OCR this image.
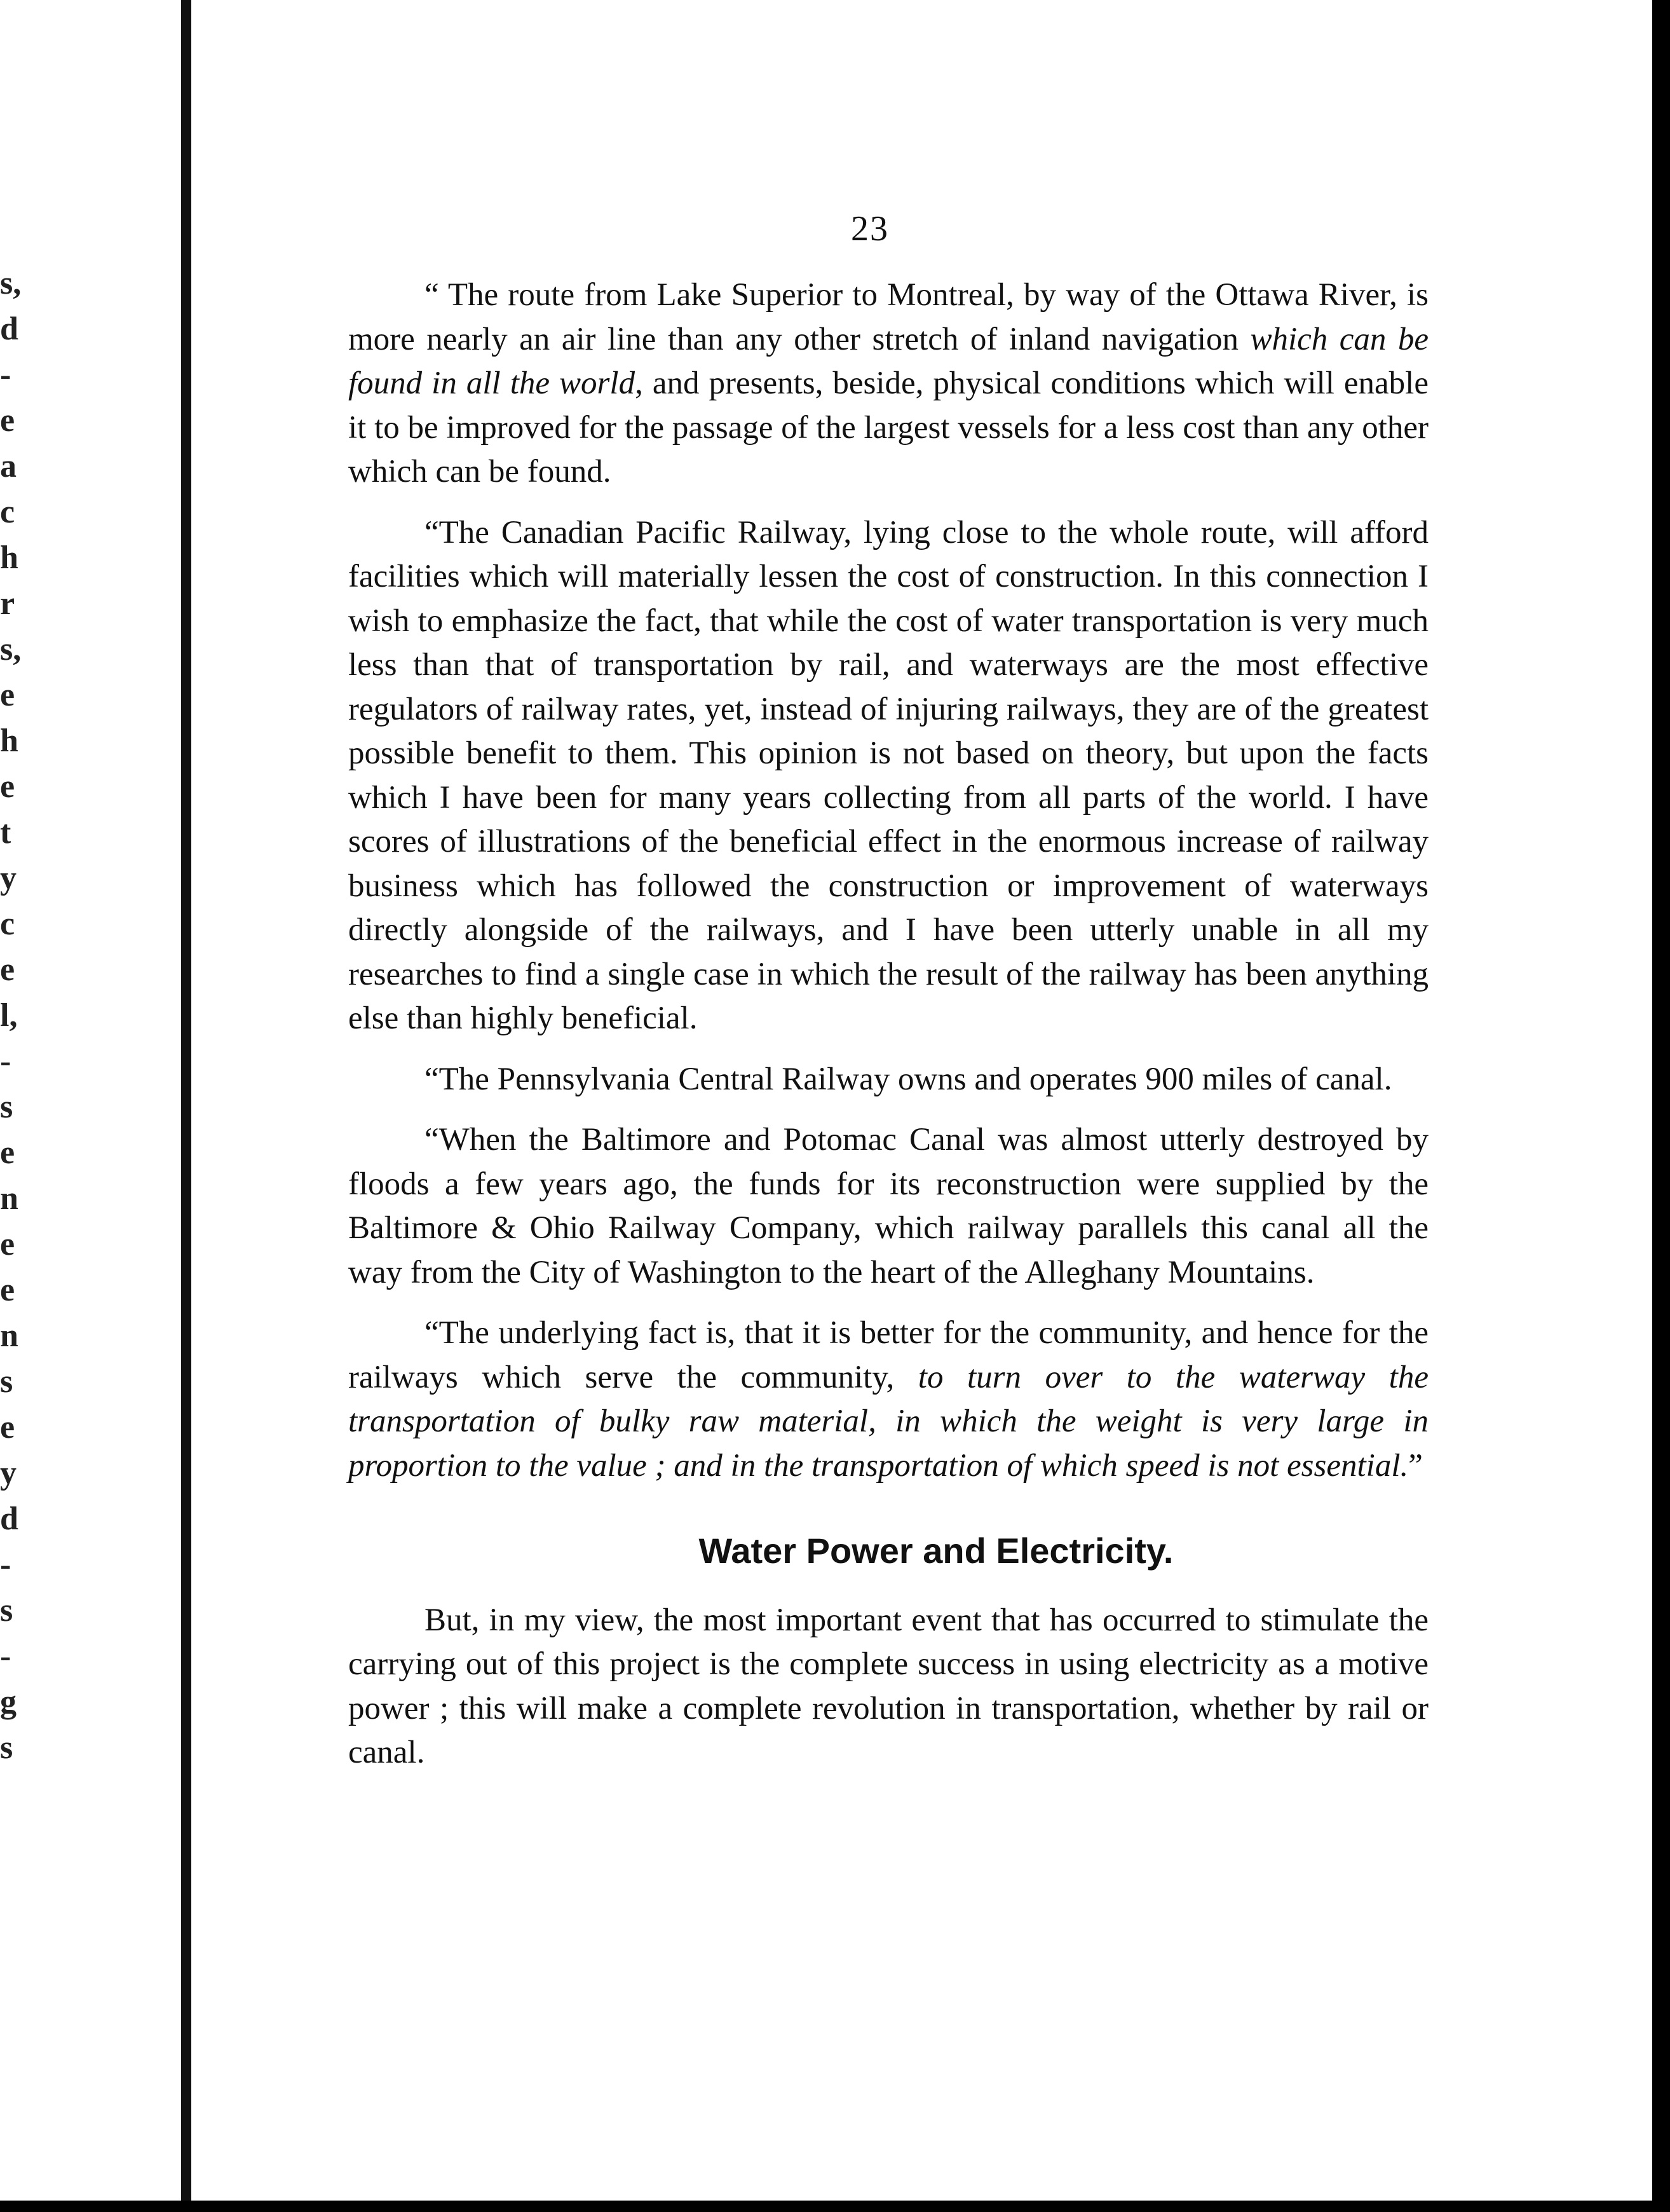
s,
d
-
e
a
c
h
r
s,
e
h
e
t
y
c
e
l,
-
s
e
n
e
e
n
s
e
y
d
-
s
-
g
s
23

“ The route from Lake Superior to Montreal, by way of the Ottawa River, is more nearly an air line than any other stretch of inland navigation which can be found in all the world, and presents, beside, physical conditions which will enable it to be improved for the passage of the largest vessels for a less cost than any other which can be found.

“The Canadian Pacific Railway, lying close to the whole route, will afford facilities which will materially lessen the cost of construction. In this connection I wish to emphasize the fact, that while the cost of water transportation is very much less than that of transportation by rail, and waterways are the most effective regulators of railway rates, yet, instead of injuring railways, they are of the greatest possible benefit to them. This opinion is not based on theory, but upon the facts which I have been for many years collecting from all parts of the world. I have scores of illustrations of the beneficial effect in the enormous increase of railway business which has followed the construction or improvement of waterways directly alongside of the railways, and I have been utterly unable in all my researches to find a single case in which the result of the railway has been anything else than highly beneficial.

“The Pennsylvania Central Railway owns and operates 900 miles of canal.

“When the Baltimore and Potomac Canal was almost utterly destroyed by floods a few years ago, the funds for its reconstruction were supplied by the Baltimore & Ohio Railway Company, which railway parallels this canal all the way from the City of Washington to the heart of the Alleghany Mountains.

“The underlying fact is, that it is better for the community, and hence for the railways which serve the community, to turn over to the waterway the transportation of bulky raw material, in which the weight is very large in proportion to the value ; and in the transportation of which speed is not essential.”

Water Power and Electricity.

But, in my view, the most important event that has occurred to stimulate the carrying out of this project is the complete success in using electricity as a motive power ; this will make a complete revolution in transportation, whether by rail or canal.
